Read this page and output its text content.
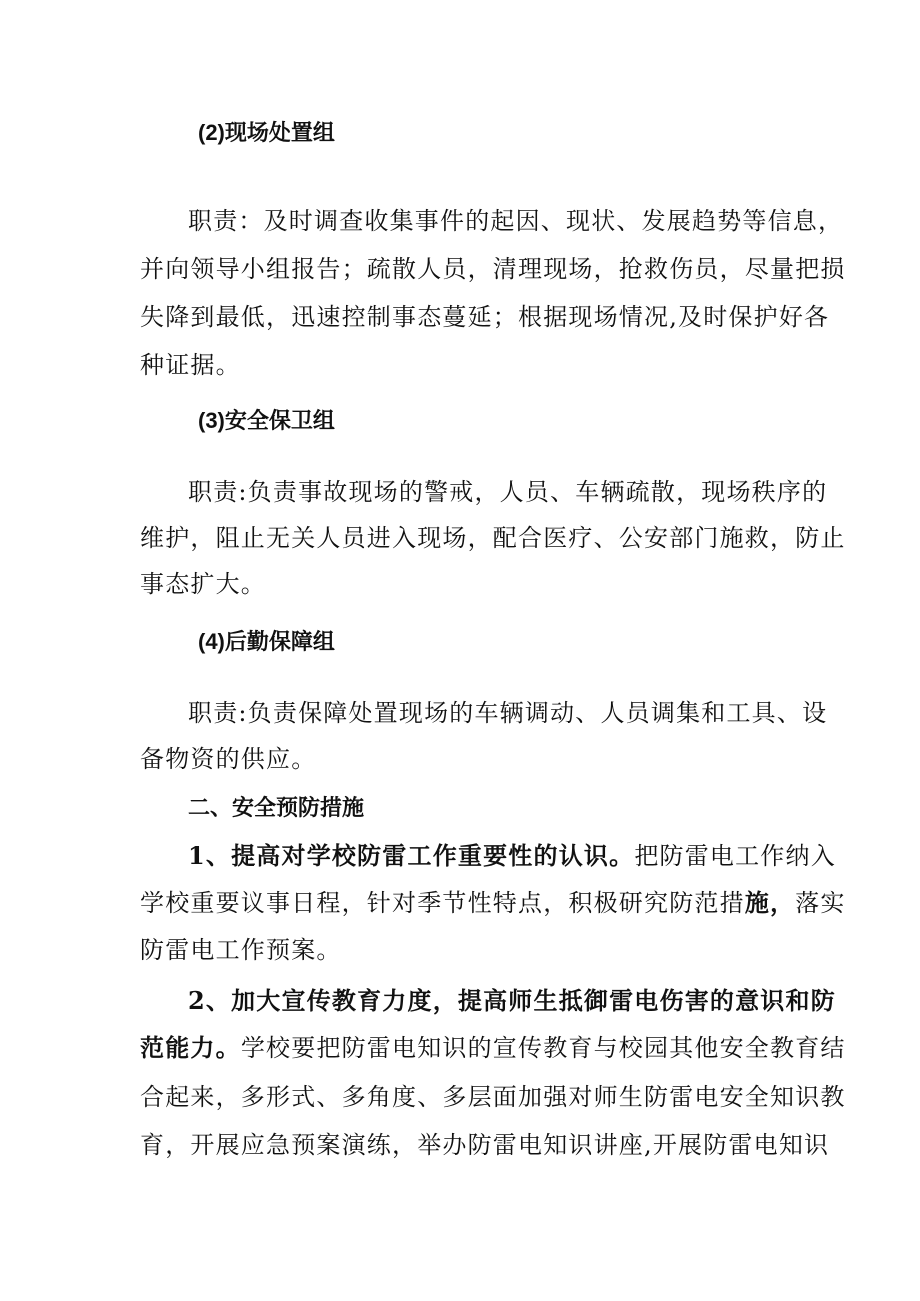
(2)现场处置组
职责：及时调查收集事件的起因、现状、发展趋势等信息，
并向领导小组报告；疏散人员，清理现场，抢救伤员，尽量把损
失降到最低，迅速控制事态蔓延；根据现场情况,及时保护好各
种证据。
(3)安全保卫组
职责:负责事故现场的警戒，人员、车辆疏散，现场秩序的
维护，阻止无关人员进入现场，配合医疗、公安部门施救，防止
事态扩大。
(4)后勤保障组
职责:负责保障处置现场的车辆调动、人员调集和工具、设
备物资的供应。
二、安全预防措施
1、提高对学校防雷工作重要性的认识。把防雷电工作纳入
学校重要议事日程，针对季节性特点，积极研究防范措施，落实
防雷电工作预案。
2、加大宣传教育力度，提高师生抵御雷电伤害的意识和防
范能力。学校要把防雷电知识的宣传教育与校园其他安全教育结
合起来，多形式、多角度、多层面加强对师生防雷电安全知识教
育，开展应急预案演练，举办防雷电知识讲座,开展防雷电知识
